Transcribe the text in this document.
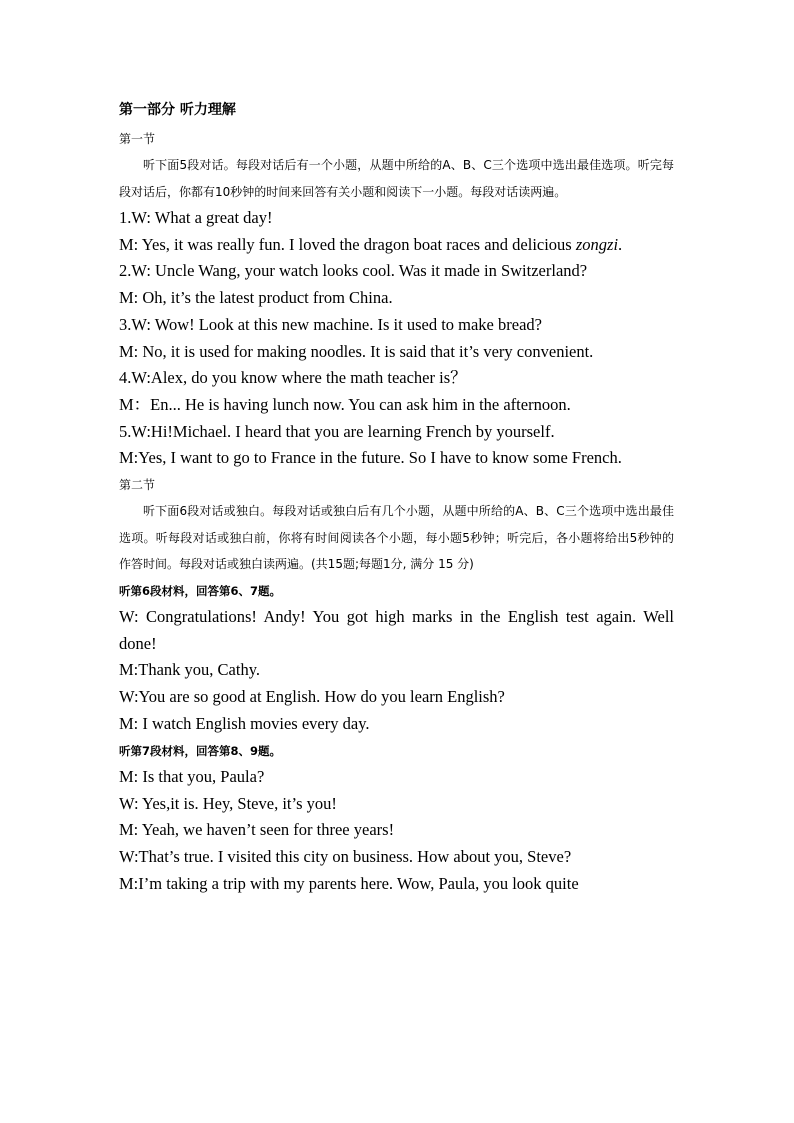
第一部分 听力理解

第一节

听下面5段对话。每段对话后有一个小题，从题中所给的A、B、C三个选项中选出最佳选项。听完每段对话后，你都有10秒钟的时间来回答有关小题和阅读下一小题。每段对话读两遍。

1.W: What a great day!

M: Yes, it was really fun. I loved the dragon boat races and delicious zongzi.

2.W: Uncle Wang, your watch looks cool. Was it made in Switzerland?

M: Oh, it’s the latest product from China.

3.W: Wow! Look at this new machine. Is it used to make bread?

M: No, it is used for making noodles. It is said that it’s very convenient.

4.W:Alex, do you know where the math teacher is？

M：En... He is having lunch now. You can ask him in the afternoon.

5.W:Hi!Michael. I heard that you are learning French by yourself.

M:Yes, I want to go to France in the future. So I have to know some French.

第二节

听下面6段对话或独白。每段对话或独白后有几个小题，从题中所给的A、B、C三个选项中选出最佳选项。听每段对话或独白前，你将有时间阅读各个小题，每小题5秒钟；听完后，各小题将给出5秒钟的作答时间。每段对话或独白读两遍。(共15题;每题1分, 满分 15 分)

听第6段材料，回答第6、7题。

W: Congratulations! Andy! You got high marks in the English test again. Well done!

M:Thank you, Cathy.

W:You are so good at English. How do you learn English?

M: I watch English movies every day.

听第7段材料，回答第8、9题。

M: Is that you, Paula?

W: Yes,it is. Hey, Steve, it’s you!

M: Yeah, we haven’t seen for three years!

W:That’s true. I visited this city on business. How about you, Steve?

M:I’m taking a trip with my parents here. Wow, Paula, you look quite
